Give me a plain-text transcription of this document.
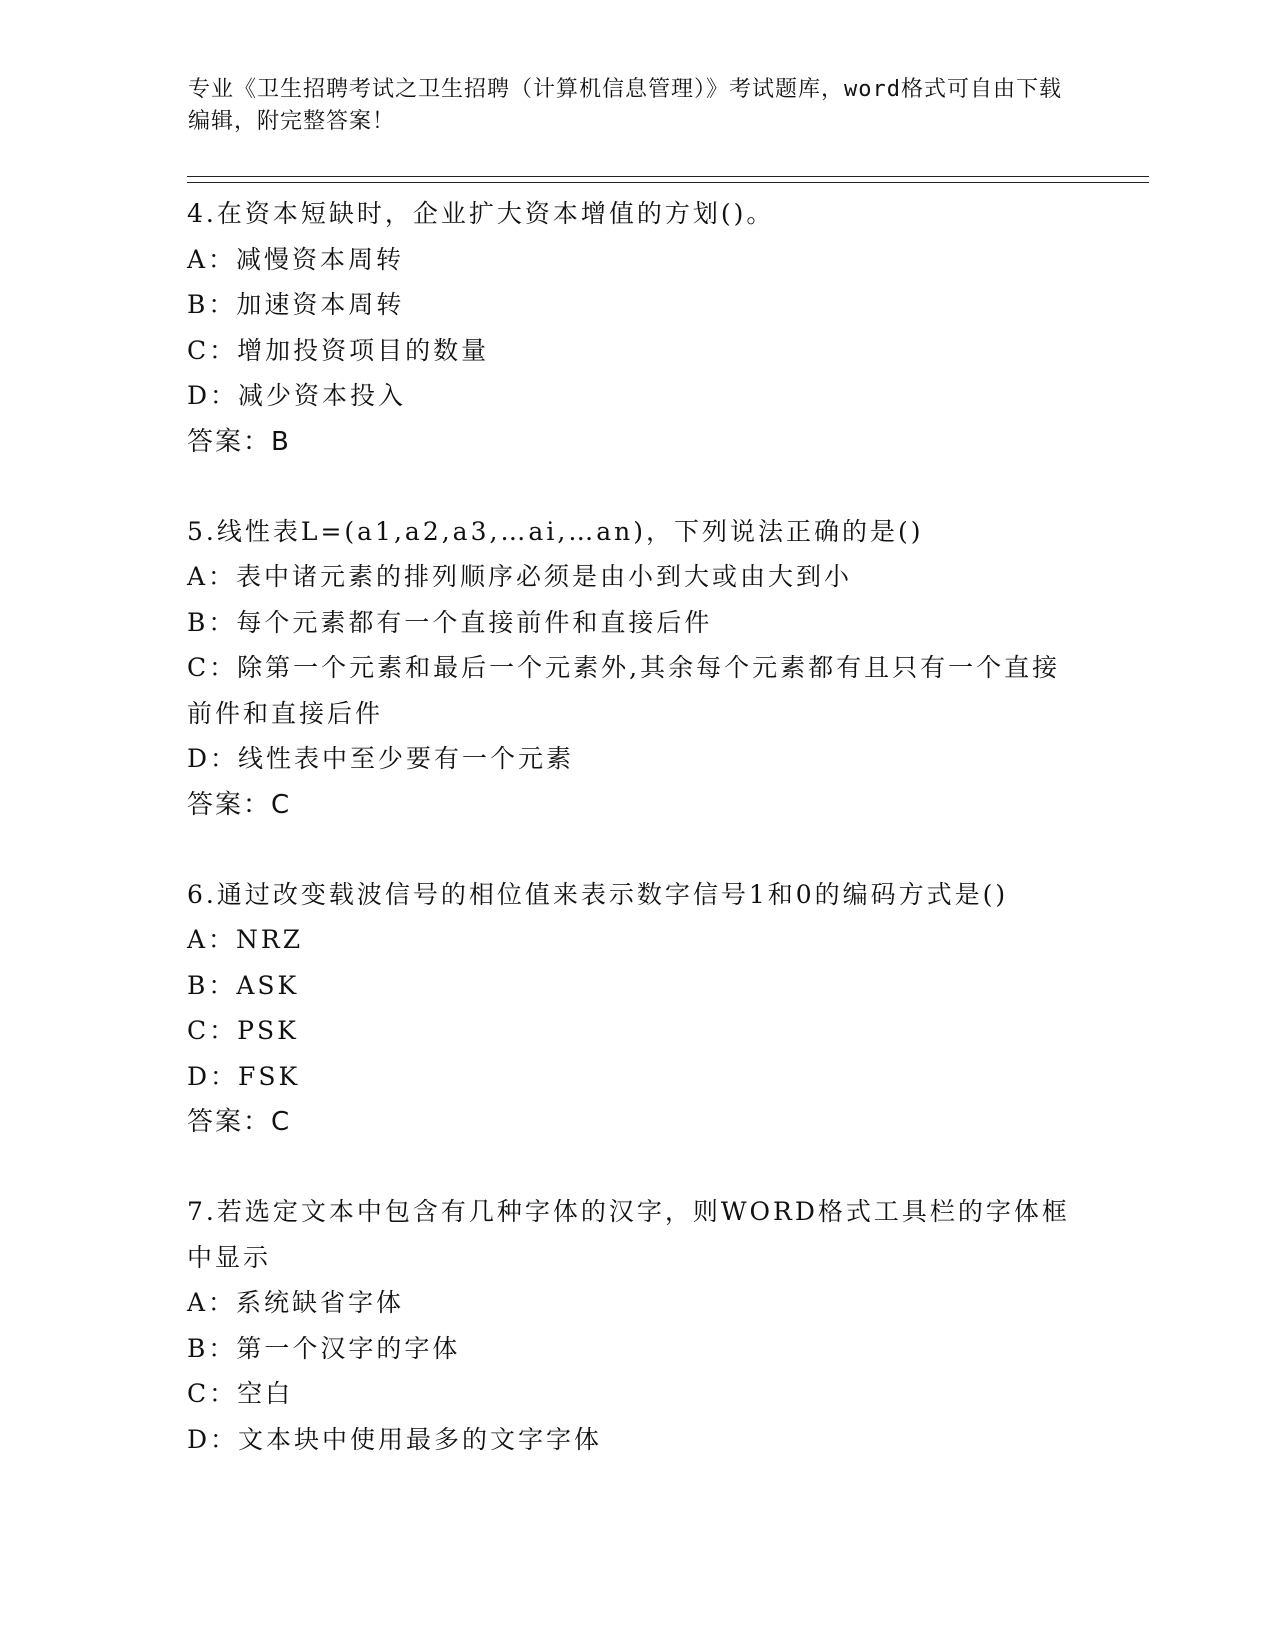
专业《卫生招聘考试之卫生招聘（计算机信息管理）》考试题库，word格式可自由下载编辑，附完整答案！
4.在资本短缺时，企业扩大资本增值的方划()。
A：减慢资本周转
B：加速资本周转
C：增加投资项目的数量
D：减少资本投入
答案：B
5.线性表L=(a1,a2,a3,…ai,…an)，下列说法正确的是()
A：表中诸元素的排列顺序必须是由小到大或由大到小
B：每个元素都有一个直接前件和直接后件
C：除第一个元素和最后一个元素外,其余每个元素都有且只有一个直接前件和直接后件
D：线性表中至少要有一个元素
答案：C
6.通过改变载波信号的相位值来表示数字信号1和0的编码方式是()
A：NRZ
B：ASK
C：PSK
D：FSK
答案：C
7.若选定文本中包含有几种字体的汉字，则WORD格式工具栏的字体框中显示
A：系统缺省字体
B：第一个汉字的字体
C：空白
D：文本块中使用最多的文字字体
